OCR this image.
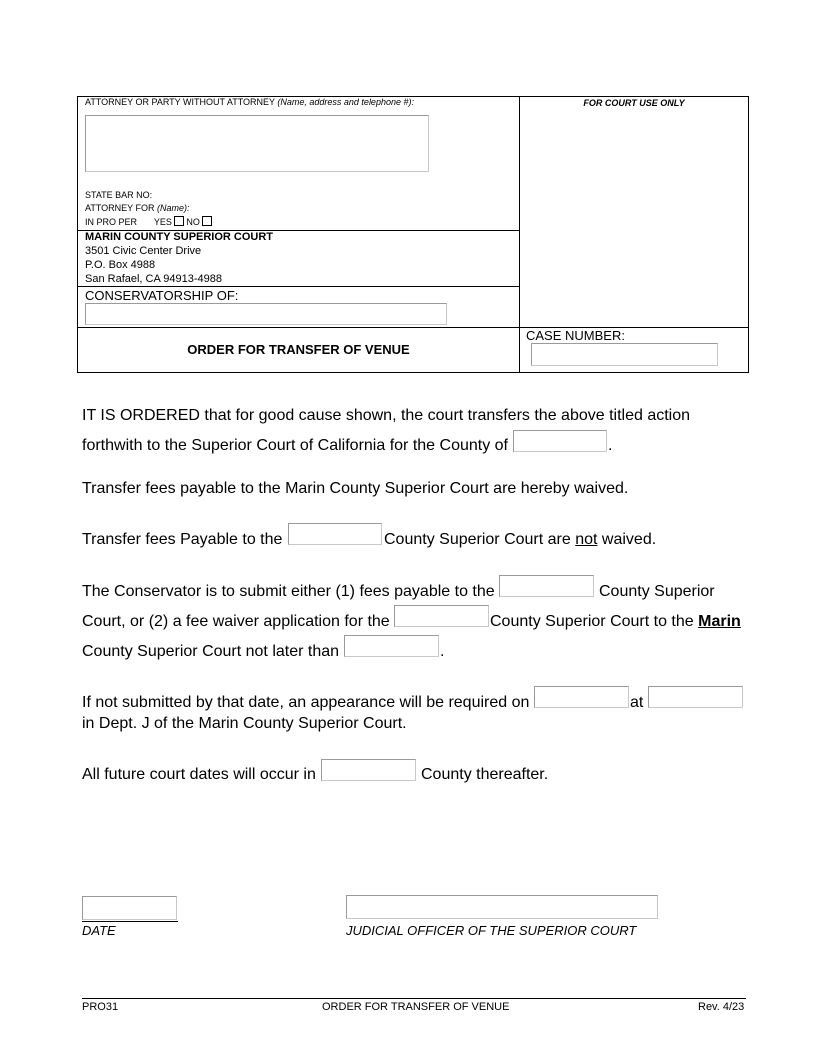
ATTORNEY OR PARTY WITHOUT ATTORNEY (Name, address and telephone #):	FOR COURT USE ONLY
STATE BAR NO:
ATTORNEY FOR (Name):
IN PRO PER YES NO
MARIN COUNTY SUPERIOR COURT
3501 Civic Center Drive
P.O. Box 4988
San Rafael, CA 94913-4988
CONSERVATORSHIP OF:
ORDER FOR TRANSFER OF VENUE
CASE NUMBER:
IT IS ORDERED that for good cause shown, the court transfers the above titled action
forthwith to the Superior Court of California for the County of	.
Transfer fees payable to the Marin County Superior Court are hereby waived.
Transfer fees Payable to the	County Superior Court are not waived.
The Conservator is to submit either (1) fees payable to the	County Superior
Court, or (2) a fee waiver application for the	County Superior Court to the Marin
County Superior Court not later than	.
If not submitted by that date, an appearance will be required on	at
in Dept. J of the Marin County Superior Court.
All future court dates will occur in	County thereafter.
DATE	JUDICIAL OFFICER OF THE SUPERIOR COURT
PRO31	ORDER FOR TRANSFER OF VENUE	Rev. 4/23
